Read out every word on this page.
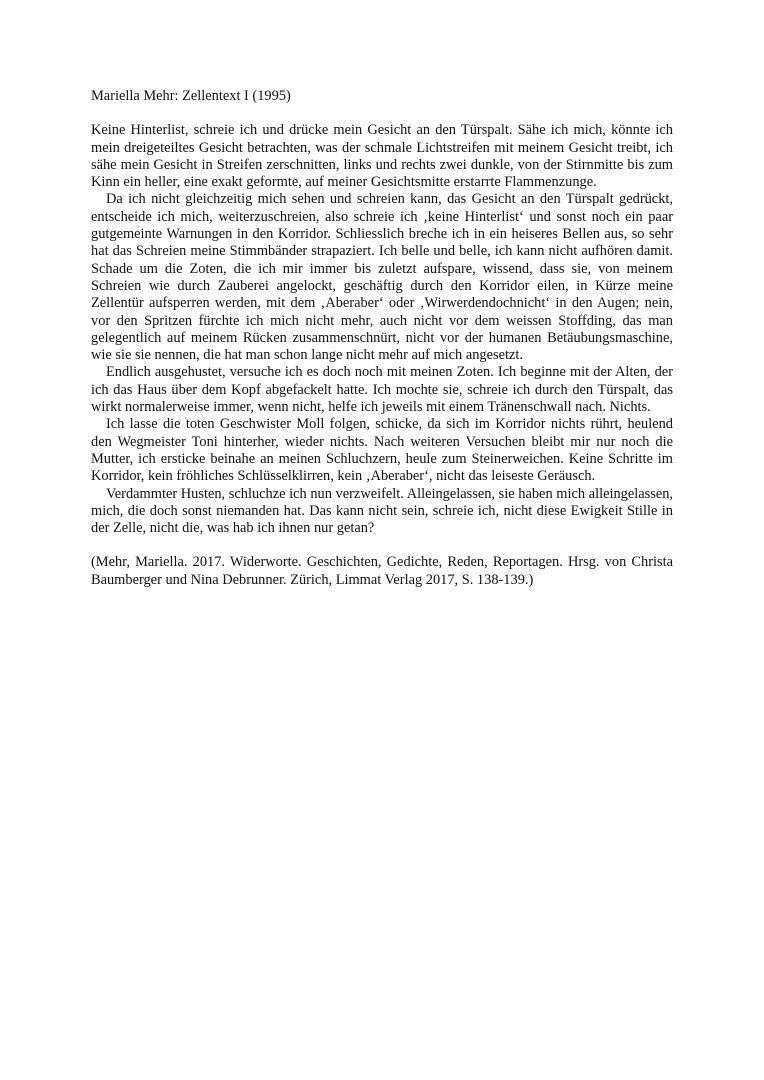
Mariella Mehr: Zellentext I (1995)

Keine Hinterlist, schreie ich und drücke mein Gesicht an den Türspalt. Sähe ich mich, könnte ich mein dreigeteiltes Gesicht betrachten, was der schmale Lichtstreifen mit meinem Gesicht treibt, ich sähe mein Gesicht in Streifen zerschnitten, links und rechts zwei dunkle, von der Stirnmitte bis zum Kinn ein heller, eine exakt geformte, auf meiner Gesichtsmitte erstarrte Flammenzunge.

Da ich nicht gleichzeitig mich sehen und schreien kann, das Gesicht an den Türspalt gedrückt, entscheide ich mich, weiterzuschreien, also schreie ich ‚keine Hinterlist‘ und sonst noch ein paar gutgemeinte Warnungen in den Korridor. Schliesslich breche ich in ein heiseres Bellen aus, so sehr hat das Schreien meine Stimmbänder strapaziert. Ich belle und belle, ich kann nicht aufhören damit. Schade um die Zoten, die ich mir immer bis zuletzt aufspare, wissend, dass sie, von meinem Schreien wie durch Zauberei angelockt, geschäftig durch den Korridor eilen, in Kürze meine Zellentür aufsperren werden, mit dem ‚Aberaber‘ oder ‚Wirwerdendochnicht‘ in den Augen; nein, vor den Spritzen fürchte ich mich nicht mehr, auch nicht vor dem weissen Stoffding, das man gelegentlich auf meinem Rücken zusammenschnürt, nicht vor der humanen Betäubungsmaschine, wie sie sie nennen, die hat man schon lange nicht mehr auf mich angesetzt.

Endlich ausgehustet, versuche ich es doch noch mit meinen Zoten. Ich beginne mit der Alten, der ich das Haus über dem Kopf abgefackelt hatte. Ich mochte sie, schreie ich durch den Türspalt, das wirkt normalerweise immer, wenn nicht, helfe ich jeweils mit einem Tränenschwall nach. Nichts.

Ich lasse die toten Geschwister Moll folgen, schicke, da sich im Korridor nichts rührt, heulend den Wegmeister Toni hinterher, wieder nichts. Nach weiteren Versuchen bleibt mir nur noch die Mutter, ich ersticke beinahe an meinen Schluchzern, heule zum Steinerweichen. Keine Schritte im Korridor, kein fröhliches Schlüsselklirren, kein ‚Aberaber‘, nicht das leiseste Geräusch.

Verdammter Husten, schluchze ich nun verzweifelt. Alleingelassen, sie haben mich alleingelassen, mich, die doch sonst niemanden hat. Das kann nicht sein, schreie ich, nicht diese Ewigkeit Stille in der Zelle, nicht die, was hab ich ihnen nur getan?

(Mehr, Mariella. 2017. Widerworte. Geschichten, Gedichte, Reden, Reportagen. Hrsg. von Christa Baumberger und Nina Debrunner. Zürich, Limmat Verlag 2017, S. 138-139.)
